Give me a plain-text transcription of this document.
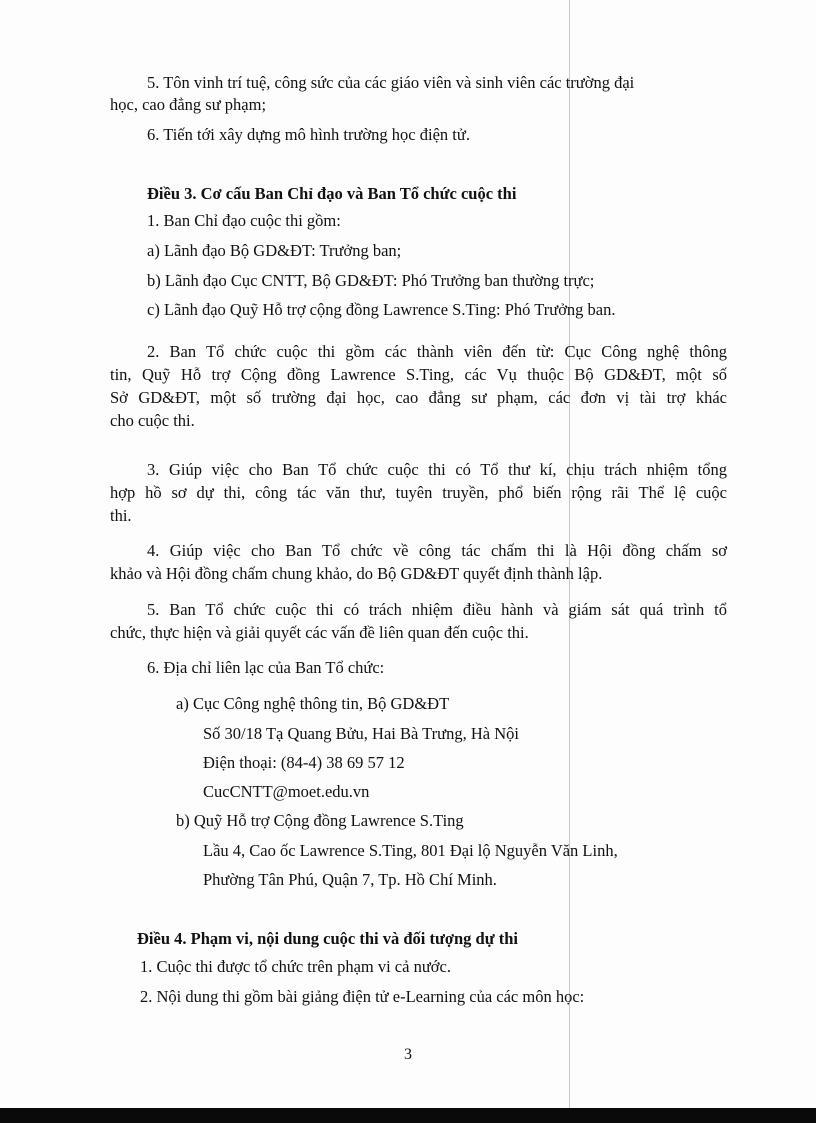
5. Tôn vinh trí tuệ, công sức của các giáo viên và sinh viên các trường đại
học, cao đẳng sư phạm;
6. Tiến tới xây dựng mô hình trường học điện tử.
Điều 3. Cơ cấu Ban Chỉ đạo và Ban Tổ chức cuộc thi
1. Ban Chỉ đạo cuộc thi gồm:
a) Lãnh đạo Bộ GD&ĐT: Trưởng ban;
b) Lãnh đạo Cục CNTT, Bộ GD&ĐT: Phó Trưởng ban thường trực;
c) Lãnh đạo Quỹ Hỗ trợ cộng đồng Lawrence S.Ting: Phó Trưởng ban.
2. Ban Tổ chức cuộc thi gồm các thành viên đến từ: Cục Công nghệ thông
tin, Quỹ Hỗ trợ Cộng đồng Lawrence S.Ting, các Vụ thuộc Bộ GD&ĐT, một số
Sở GD&ĐT, một số trường đại học, cao đẳng sư phạm, các đơn vị tài trợ khác
cho cuộc thi.
3. Giúp việc cho Ban Tổ chức cuộc thi có Tổ thư kí, chịu trách nhiệm tổng
hợp hồ sơ dự thi, công tác văn thư, tuyên truyền, phổ biến rộng rãi Thể lệ cuộc
thi.
4. Giúp việc cho Ban Tổ chức về công tác chấm thi là Hội đồng chấm sơ
khảo và Hội đồng chấm chung khảo, do Bộ GD&ĐT quyết định thành lập.
5. Ban Tổ chức cuộc thi có trách nhiệm điều hành và giám sát quá trình tổ
chức, thực hiện và giải quyết các vấn đề liên quan đến cuộc thi.
6. Địa chỉ liên lạc của Ban Tổ chức:
a) Cục Công nghệ thông tin, Bộ GD&ĐT
Số 30/18 Tạ Quang Bửu, Hai Bà Trưng, Hà Nội
Điện thoại: (84-4) 38 69 57 12
CucCNTT@moet.edu.vn
b) Quỹ Hỗ trợ Cộng đồng Lawrence S.Ting
Lầu 4, Cao ốc Lawrence S.Ting, 801 Đại lộ Nguyễn Văn Linh,
Phường Tân Phú, Quận 7, Tp. Hồ Chí Minh.
Điều 4. Phạm vi, nội dung cuộc thi và đối tượng dự thi
1. Cuộc thi được tổ chức trên phạm vi cả nước.
2. Nội dung thi gồm bài giảng điện tử e-Learning của các môn học:
3
